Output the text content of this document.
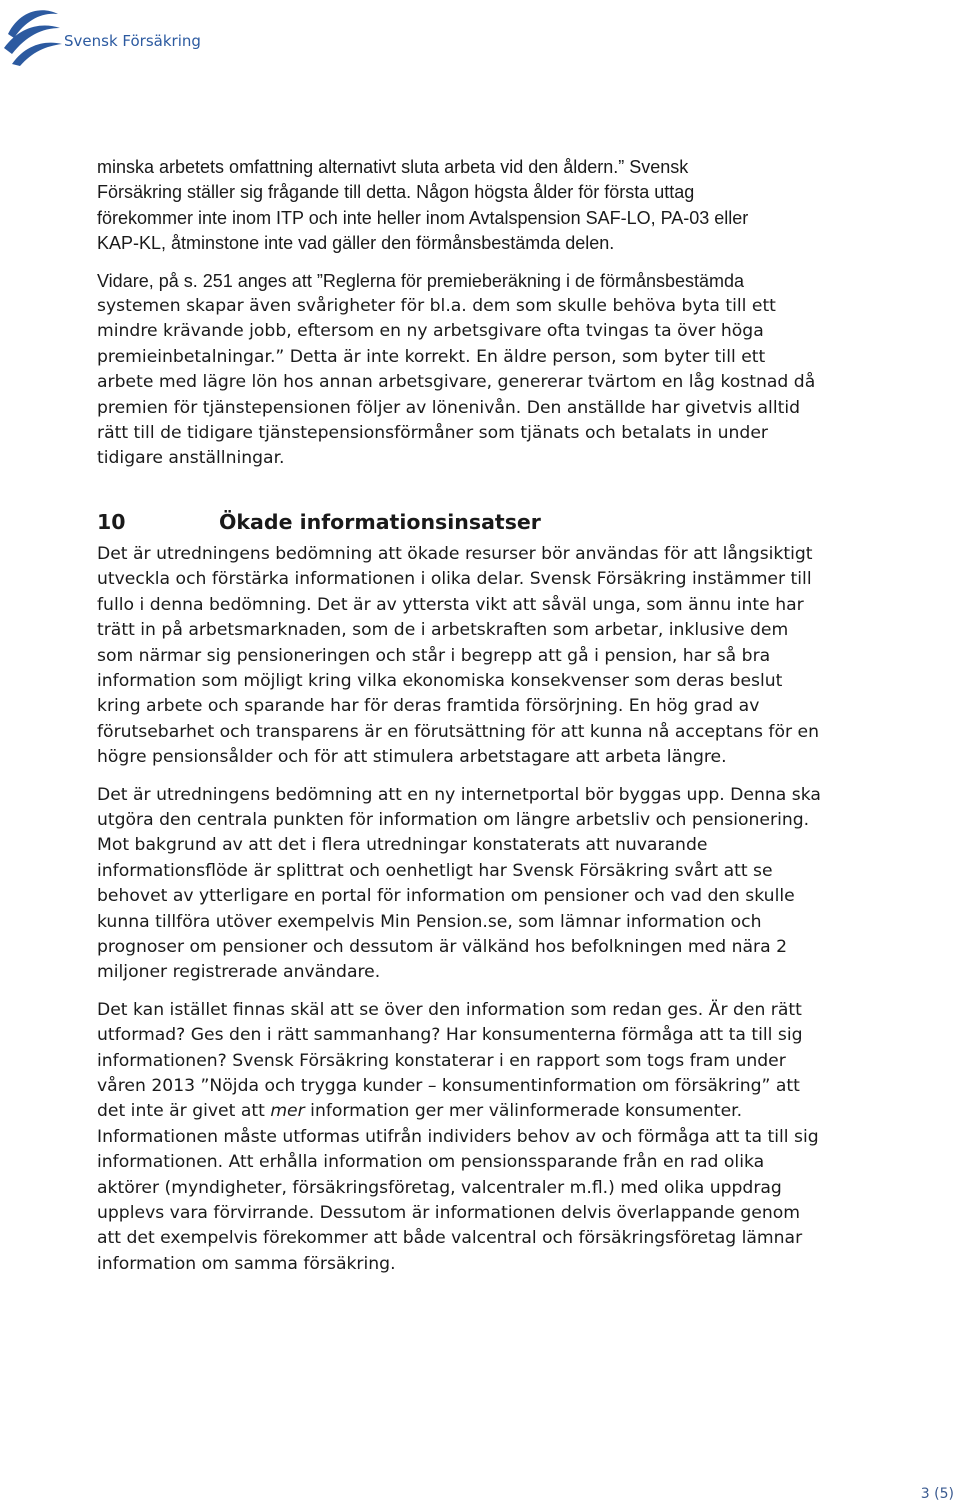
Svensk Försäkring

minska arbetets omfattning alternativt sluta arbeta vid den åldern.” Svensk

Försäkring ställer sig frågande till detta. Någon högsta ålder för första uttag

förekommer inte inom ITP och inte heller inom Avtalspension SAF-LO, PA-03 eller

KAP-KL, åtminstone inte vad gäller den förmånsbestämda delen.

Vidare, på s. 251 anges att ”Reglerna för premieberäkning i de förmånsbestämda

systemen skapar även svårigheter för bl.a. dem som skulle behöva byta till ett

mindre krävande jobb, eftersom en ny arbetsgivare ofta tvingas ta över höga

premieinbetalningar.” Detta är inte korrekt. En äldre person, som byter till ett

arbete med lägre lön hos annan arbetsgivare, genererar tvärtom en låg kostnad då

premien för tjänstepensionen följer av lönenivån. Den anställde har givetvis alltid

rätt till de tidigare tjänstepensionsförmåner som tjänats och betalats in under

tidigare anställningar.

10	Ökade informationsinsatser

Det är utredningens bedömning att ökade resurser bör användas för att långsiktigt

utveckla och förstärka informationen i olika delar. Svensk Försäkring instämmer till

fullo i denna bedömning. Det är av yttersta vikt att såväl unga, som ännu inte har

trätt in på arbetsmarknaden, som de i arbetskraften som arbetar, inklusive dem

som närmar sig pensioneringen och står i begrepp att gå i pension, har så bra

information som möjligt kring vilka ekonomiska konsekvenser som deras beslut

kring arbete och sparande har för deras framtida försörjning. En hög grad av

förutsebarhet och transparens är en förutsättning för att kunna nå acceptans för en

högre pensionsålder och för att stimulera arbetstagare att arbeta längre.

Det är utredningens bedömning att en ny internetportal bör byggas upp. Denna ska

utgöra den centrala punkten för information om längre arbetsliv och pensionering.

Mot bakgrund av att det i flera utredningar konstaterats att nuvarande

informationsflöde är splittrat och oenhetligt har Svensk Försäkring svårt att se

behovet av ytterligare en portal för information om pensioner och vad den skulle

kunna tillföra utöver exempelvis Min Pension.se, som lämnar information och

prognoser om pensioner och dessutom är välkänd hos befolkningen med nära 2

miljoner registrerade användare.

Det kan istället finnas skäl att se över den information som redan ges. Är den rätt

utformad? Ges den i rätt sammanhang? Har konsumenterna förmåga att ta till sig

informationen? Svensk Försäkring konstaterar i en rapport som togs fram under

våren 2013 ”Nöjda och trygga kunder – konsumentinformation om försäkring” att

det inte är givet att mer information ger mer välinformerade konsumenter.

Informationen måste utformas utifrån individers behov av och förmåga att ta till sig

informationen. Att erhålla information om pensionssparande från en rad olika

aktörer (myndigheter, försäkringsföretag, valcentraler m.fl.) med olika uppdrag

upplevs vara förvirrande. Dessutom är informationen delvis överlappande genom

att det exempelvis förekommer att både valcentral och försäkringsföretag lämnar

information om samma försäkring.

3 (5)
